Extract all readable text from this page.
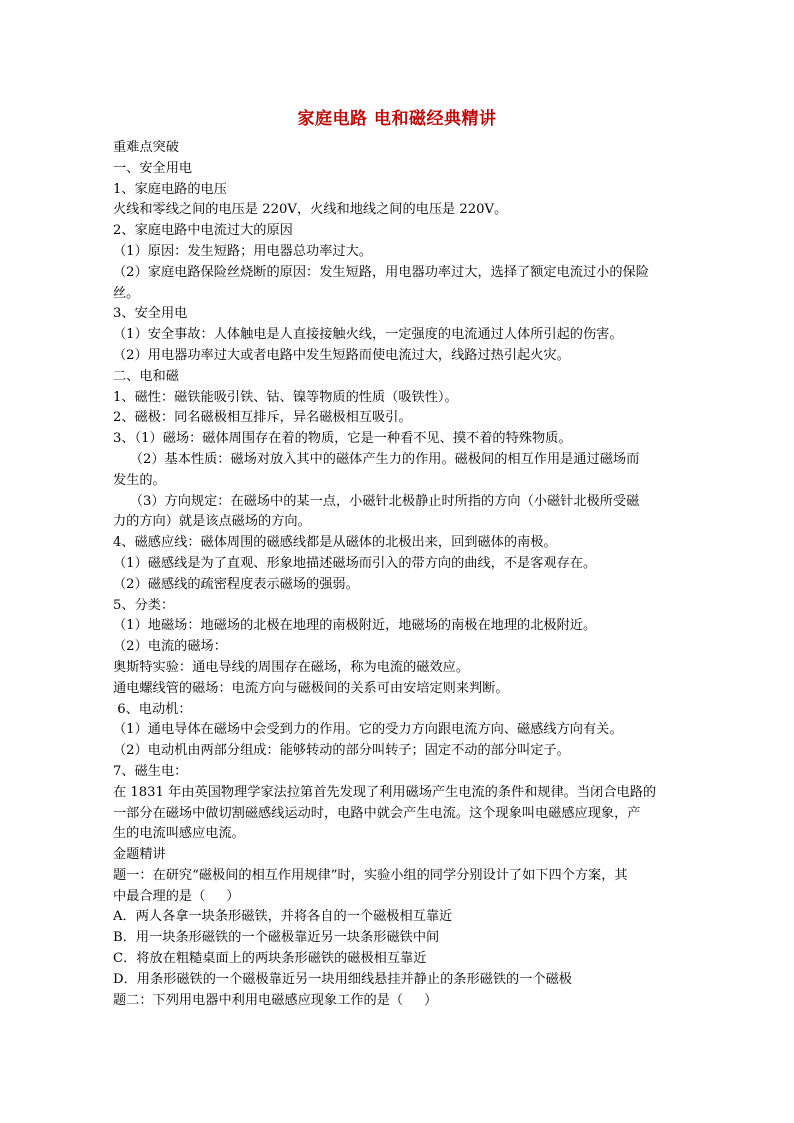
家庭电路 电和磁经典精讲
重难点突破
一、安全用电
1、家庭电路的电压
火线和零线之间的电压是 220V，火线和地线之间的电压是 220V。
2、家庭电路中电流过大的原因
（1）原因：发生短路；用电器总功率过大。
（2）家庭电路保险丝烧断的原因：发生短路，用电器功率过大，选择了额定电流过小的保险
丝。
3、安全用电
（1）安全事故：人体触电是人直接接触火线，一定强度的电流通过人体所引起的伤害。
（2）用电器功率过大或者电路中发生短路而使电流过大，线路过热引起火灾。
二、电和磁
1、磁性：磁铁能吸引铁、钴、镍等物质的性质（吸铁性）。
2、磁极：同名磁极相互排斥，异名磁极相互吸引。
3、（1）磁场：磁体周围存在着的物质，它是一种看不见、摸不着的特殊物质。
（2）基本性质：磁场对放入其中的磁体产生力的作用。磁极间的相互作用是通过磁场而
发生的。
（3）方向规定：在磁场中的某一点，小磁针北极静止时所指的方向（小磁针北极所受磁
力的方向）就是该点磁场的方向。
4、磁感应线：磁体周围的磁感线都是从磁体的北极出来，回到磁体的南极。
（1）磁感线是为了直观、形象地描述磁场而引入的带方向的曲线，不是客观存在。
（2）磁感线的疏密程度表示磁场的强弱。
5、分类：
（1）地磁场：地磁场的北极在地理的南极附近，地磁场的南极在地理的北极附近。
（2）电流的磁场：
奥斯特实验：通电导线的周围存在磁场，称为电流的磁效应。
通电螺线管的磁场：电流方向与磁极间的关系可由安培定则来判断。
6、电动机：
（1）通电导体在磁场中会受到力的作用。它的受力方向跟电流方向、磁感线方向有关。
（2）电动机由两部分组成：能够转动的部分叫转子；固定不动的部分叫定子。
7、磁生电：
在 1831 年由英国物理学家法拉第首先发现了利用磁场产生电流的条件和规律。当闭合电路的
一部分在磁场中做切割磁感线运动时，电路中就会产生电流。这个现象叫电磁感应现象，产
生的电流叫感应电流。
金题精讲
题一：在研究“磁极间的相互作用规律”时，实验小组的同学分别设计了如下四个方案，其
中最合理的是（     ）
A．两人各拿一块条形磁铁，并将各自的一个磁极相互靠近
B．用一块条形磁铁的一个磁极靠近另一块条形磁铁中间
C．将放在粗糙桌面上的两块条形磁铁的磁极相互靠近
D．用条形磁铁的一个磁极靠近另一块用细线悬挂并静止的条形磁铁的一个磁极
题二：下列用电器中利用电磁感应现象工作的是（     ）
